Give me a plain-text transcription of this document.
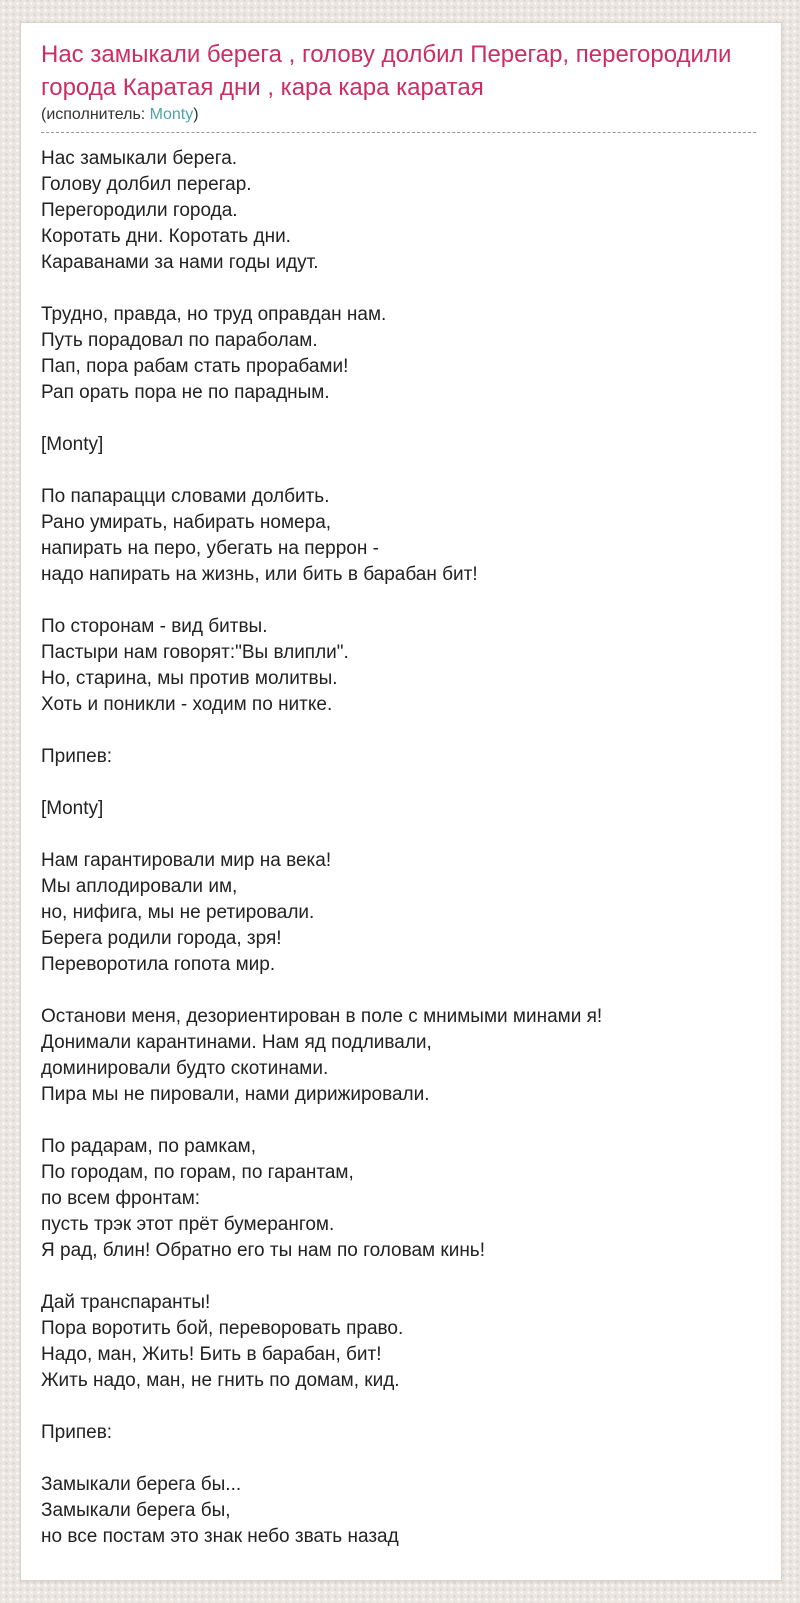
Нас замыкали берега , голову долбил Перегар, перегородили города Каратая дни , кара кара каратая
(исполнитель: Monty)
Нас замыкали берега.
Голову долбил перегар.
Перегородили города.
Коротать дни. Коротать дни.
Караванами за нами годы идут.

Трудно, правда, но труд оправдан нам.
Путь порадовал по параболам.
Пап, пора рабам стать прорабами!
Рап орать пора не по парадным.

[Monty]

По папарацци словами долбить.
Рано умирать, набирать номера,
напирать на перо, убегать на перрон -
надо напирать на жизнь, или бить в барабан бит!

По сторонам - вид битвы.
Пастыри нам говорят:"Вы влипли".
Но, старина, мы против молитвы.
Хоть и поникли - ходим по нитке.

Припев:

[Monty]

Нам гарантировали мир на века!
Мы аплодировали им,
но, нифига, мы не ретировали.
Берега родили города, зря!
Переворотила гопота мир.

Останови меня, дезориентирован в поле с мнимыми минами я!
Донимали карантинами. Нам яд подливали,
доминировали будто скотинами.
Пира мы не пировали, нами дирижировали.

По радарам, по рамкам,
По городам, по горам, по гарантам,
по всем фронтам:
пусть трэк этот прёт бумерангом.
Я рад, блин! Обратно его ты нам по головам кинь!

Дай транспаранты!
Пора воротить бой, переворовать право.
Надо, ман, Жить! Бить в барабан, бит!
Жить надо, ман, не гнить по домам, кид.

Припев:

Замыкали берега бы...
Замыкали берега бы,
но все постам это знак небо звать назад
